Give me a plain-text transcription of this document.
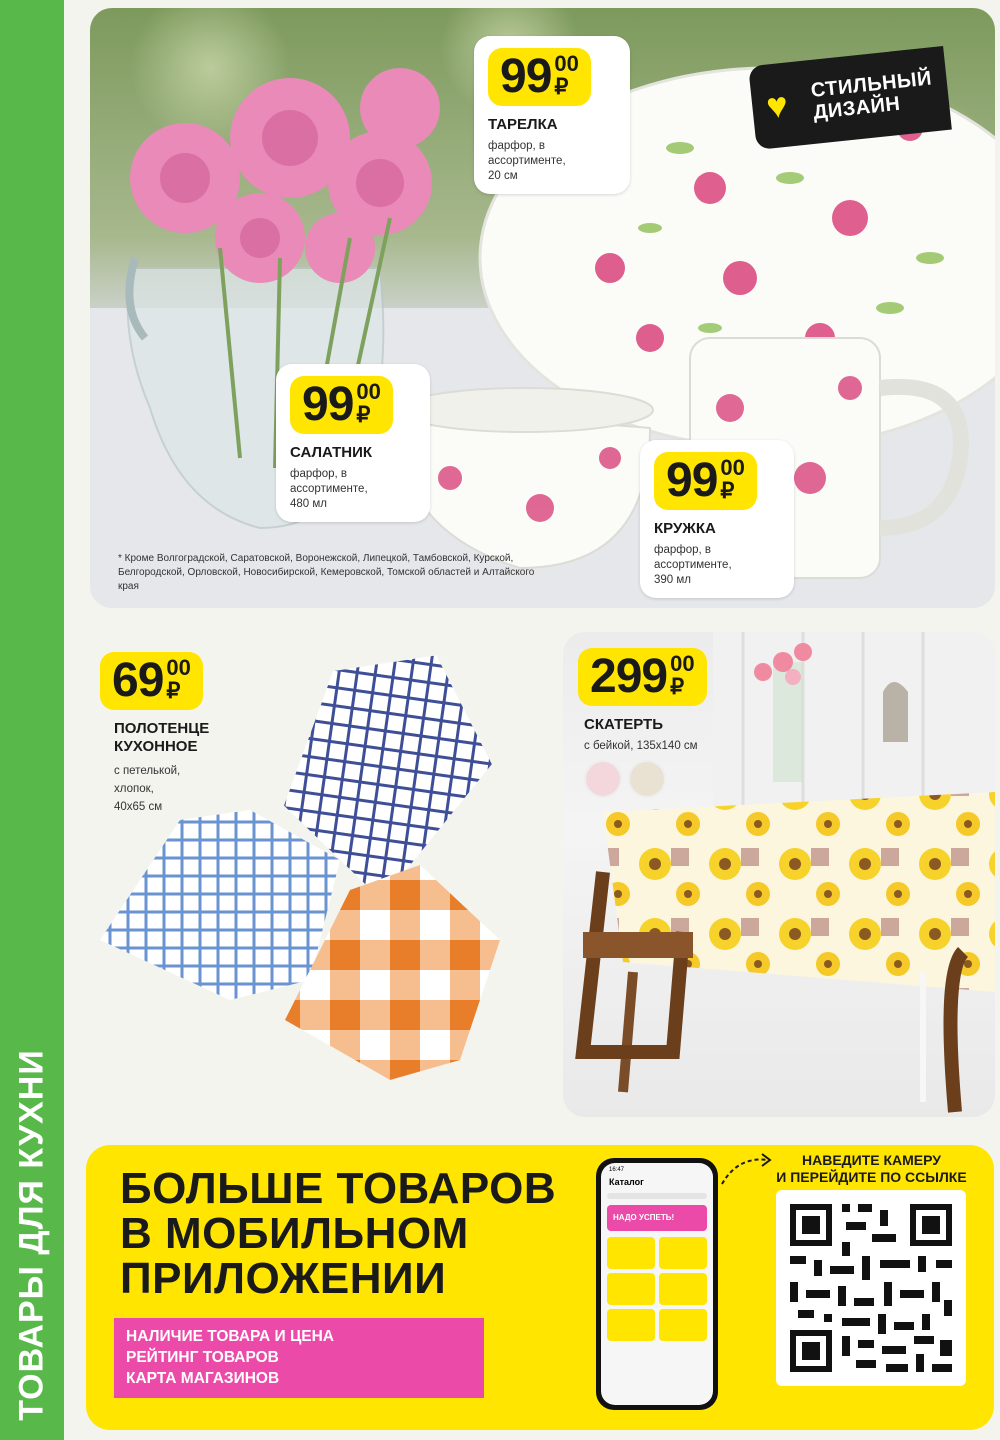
ТОВАРЫ ДЛЯ КУХНИ
♥	СТИЛЬНЫЙ
ДИЗАЙН
99 00
₽
ТАРЕЛКА
фарфор, в ассортименте,
20 см
99 00
₽
САЛАТНИК
фарфор, в ассортименте,
480 мл	99 00
₽
КРУЖКА
фарфор, в ассортименте,
390 мл
* Кроме Волгоградской, Саратовской, Воронежской, Липецкой, Тамбовской, Курской,
Белгородской, Орловской, Новосибирской, Кемеровской, Томской областей и Алтайского края
69 00
₽
ПОЛОТЕНЦЕ
КУХОННОЕ
с петелькой, хлопок,
40х65 см
299 00
₽
СКАТЕРТЬ
с бейкой, 135х140 см
БОЛЬШЕ ТОВАРОВ
В МОБИЛЬНОМ
ПРИЛОЖЕНИИ
НАЛИЧИЕ ТОВАРА И ЦЕНА
РЕЙТИНГ ТОВАРОВ
КАРТА МАГАЗИНОВ
16:47
Каталог
НАДО УСПЕТЬ!
НАВЕДИТЕ КАМЕРУ
И ПЕРЕЙДИТЕ ПО ССЫЛКЕ
